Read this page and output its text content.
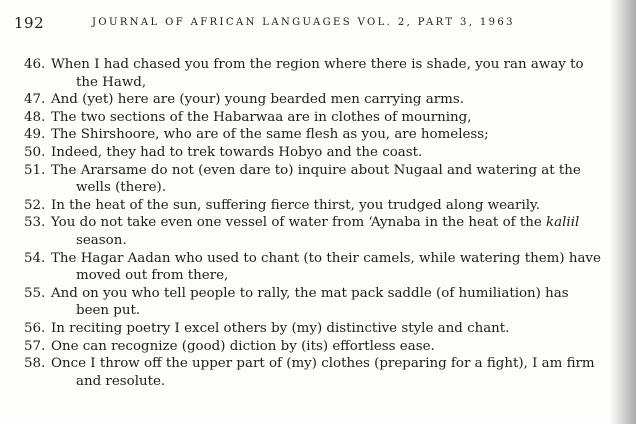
192	JOURNAL OF AFRICAN LANGUAGES VOL. 2, PART 3, 1963
46. When I had chased you from the region where there is shade, you ran away to
the Hawd,
47. And (yet) here are (your) young bearded men carrying arms.
48. The two sections of the Habarwaa are in clothes of mourning,
49. The Shirshoore, who are of the same flesh as you, are homeless;
50. Indeed, they had to trek towards Hobyo and the coast.
51. The Ararsame do not (even dare to) inquire about Nugaal and watering at the
wells (there).
52. In the heat of the sun, suffering fierce thirst, you trudged along wearily.
53. You do not take even one vessel of water from ‘Aynaba in the heat of the kaliil
season.
54. The Hagar Aadan who used to chant (to their camels, while watering them) have
moved out from there,
55. And on you who tell people to rally, the mat pack saddle (of humiliation) has
been put.
56. In reciting poetry I excel others by (my) distinctive style and chant.
57. One can recognize (good) diction by (its) effortless ease.
58. Once I throw off the upper part of (my) clothes (preparing for a fight), I am firm
and resolute.
